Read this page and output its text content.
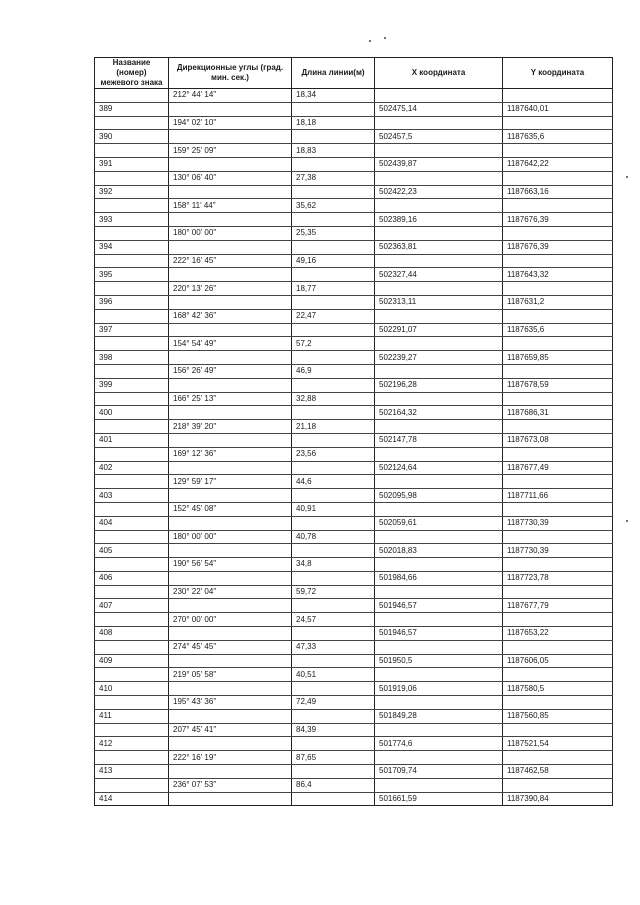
Название (номер) межевого знака	Дирекционные углы (град. мин. сек.)	Длина линии(м)	X координата	Y координата
	212° 44' 14"	18,34		
389			502475,14	1187640,01
	194° 02' 10"	18,18		
390			502457,5	1187635,6
	159° 25' 09"	18,83		
391			502439,87	1187642,22
	130° 06' 40"	27,38		
392			502422,23	1187663,16
	158° 11' 44"	35,62		
393			502389,16	1187676,39
	180° 00' 00"	25,35		
394			502363,81	1187676,39
	222° 16' 45"	49,16		
395			502327,44	1187643,32
	220° 13' 26"	18,77		
396			502313,11	1187631,2
	168° 42' 36"	22,47		
397			502291,07	1187635,6
	154° 54' 49"	57,2		
398			502239,27	1187659,85
	156° 26' 49"	46,9		
399			502196,28	1187678,59
	166° 25' 13"	32,88		
400			502164,32	1187686,31
	218° 39' 20"	21,18		
401			502147,78	1187673,08
	169° 12' 36"	23,56		
402			502124,64	1187677,49
	129° 59' 17"	44,6		
403			502095,98	1187711,66
	152° 45' 08"	40,91		
404			502059,61	1187730,39
	180° 00' 00"	40,78		
405			502018,83	1187730,39
	190° 56' 54"	34,8		
406			501984,66	1187723,78
	230° 22' 04"	59,72		
407			501946,57	1187677,79
	270° 00' 00"	24,57		
408			501946,57	1187653,22
	274° 45' 45"	47,33		
409			501950,5	1187606,05
	219° 05' 58"	40,51		
410			501919,06	1187580,5
	195° 43' 36"	72,49		
411			501849,28	1187560,85
	207° 45' 41"	84,39		
412			501774,6	1187521,54
	222° 16' 19"	87,65		
413			501709,74	1187462,58
	236° 07' 53"	86,4		
414			501661,59	1187390,84
